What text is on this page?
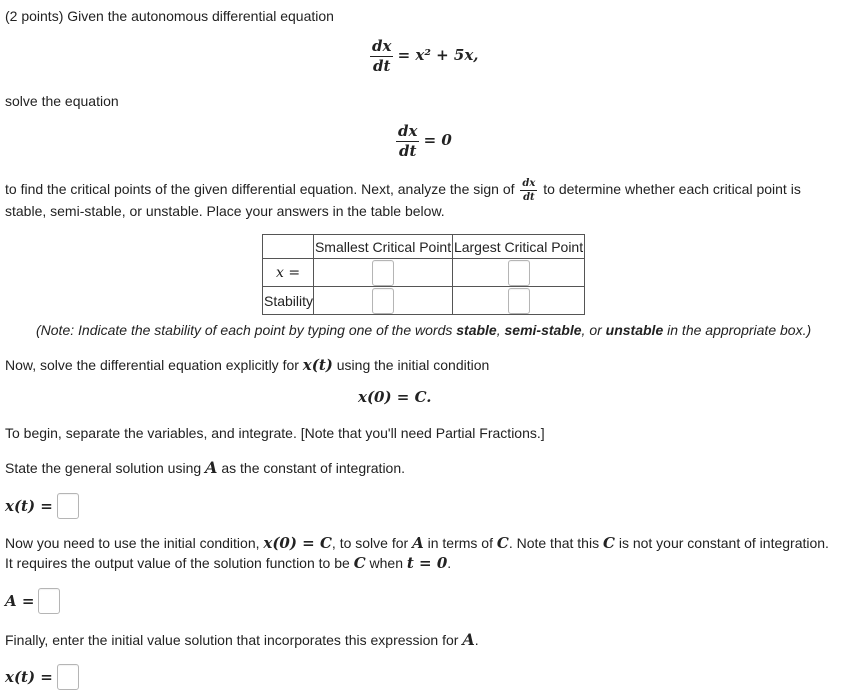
(2 points) Given the autonomous differential equation
$\frac{dx}{dt} = x^2 + 5x$,
solve the equation
$\frac{dx}{dt} = 0$
to find the critical points of the given differential equation. Next, analyze the sign of $\frac{dx}{dt}$ to determine whether each critical point is
stable, semi-stable, or unstable. Place your answers in the table below.
	Smallest Critical Point	Largest Critical Point
x =		
Stability		
(Note: Indicate the stability of each point by typing one of the words stable, semi-stable, or unstable in the appropriate box.)
Now, solve the differential equation explicitly for x(t) using the initial condition
x(0) = C.
To begin, separate the variables, and integrate. [Note that you'll need Partial Fractions.]
State the general solution using A as the constant of integration.
x(t) =
Now you need to use the initial condition, x(0) = C, to solve for A in terms of C. Note that this C is not your constant of integration.
It requires the output value of the solution function to be C when t = 0.
A =
Finally, enter the initial value solution that incorporates this expression for A.
x(t) =
